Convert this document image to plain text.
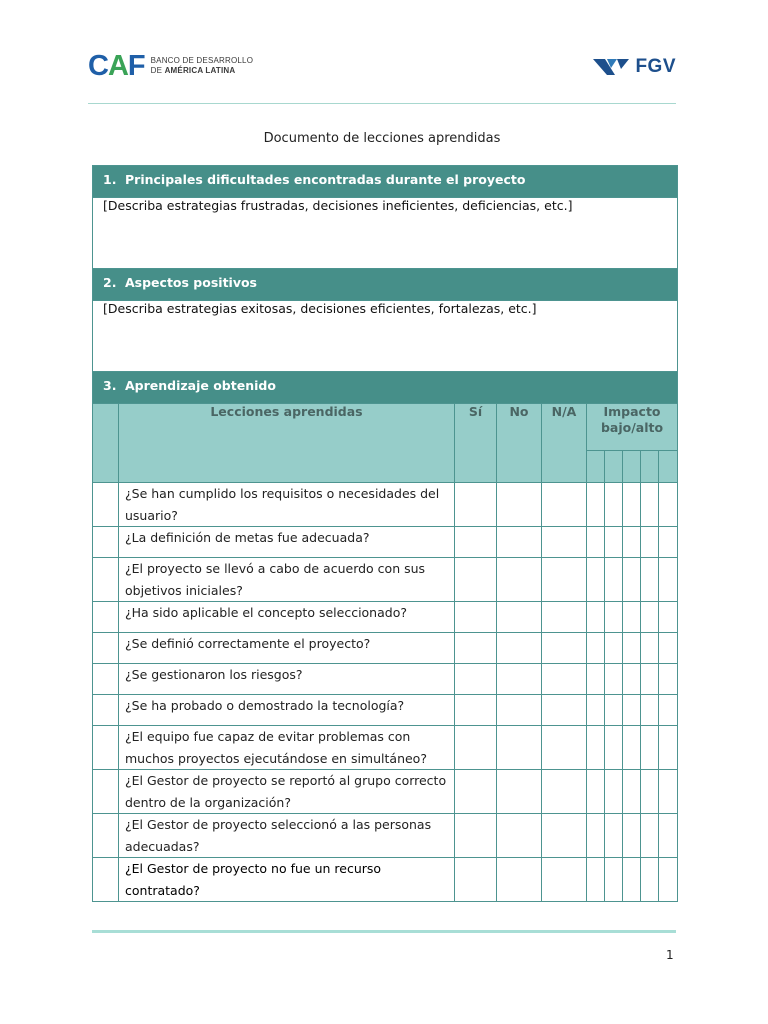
CAF BANCO DE DESARROLLO
DE AMÉRICA LATINA	FGV
Documento de lecciones aprendidas
1. Principales dificultades encontradas durante el proyecto									
[Describa estrategias frustradas, decisiones ineficientes, deficiencias, etc.]									
2. Aspectos positivos									
[Describa estrategias exitosas, decisiones eficientes, fortalezas, etc.]									
3. Aprendizaje obtenido									
	Lecciones aprendidas	Sí	No	N/A	Impacto bajo/alto				

	¿Se han cumplido los requisitos o necesidades del usuario?								
	¿La definición de metas fue adecuada?								
	¿El proyecto se llevó a cabo de acuerdo con sus objetivos iniciales?								
	¿Ha sido aplicable el concepto seleccionado?								
	¿Se definió correctamente el proyecto?								
	¿Se gestionaron los riesgos?								
	¿Se ha probado o demostrado la tecnología?								
	¿El equipo fue capaz de evitar problemas con muchos proyectos ejecutándose en simultáneo?								
	¿El Gestor de proyecto se reportó al grupo correcto dentro de la organización?								
	¿El Gestor de proyecto seleccionó a las personas adecuadas?								
	¿El Gestor de proyecto no fue un recurso contratado?								
1
